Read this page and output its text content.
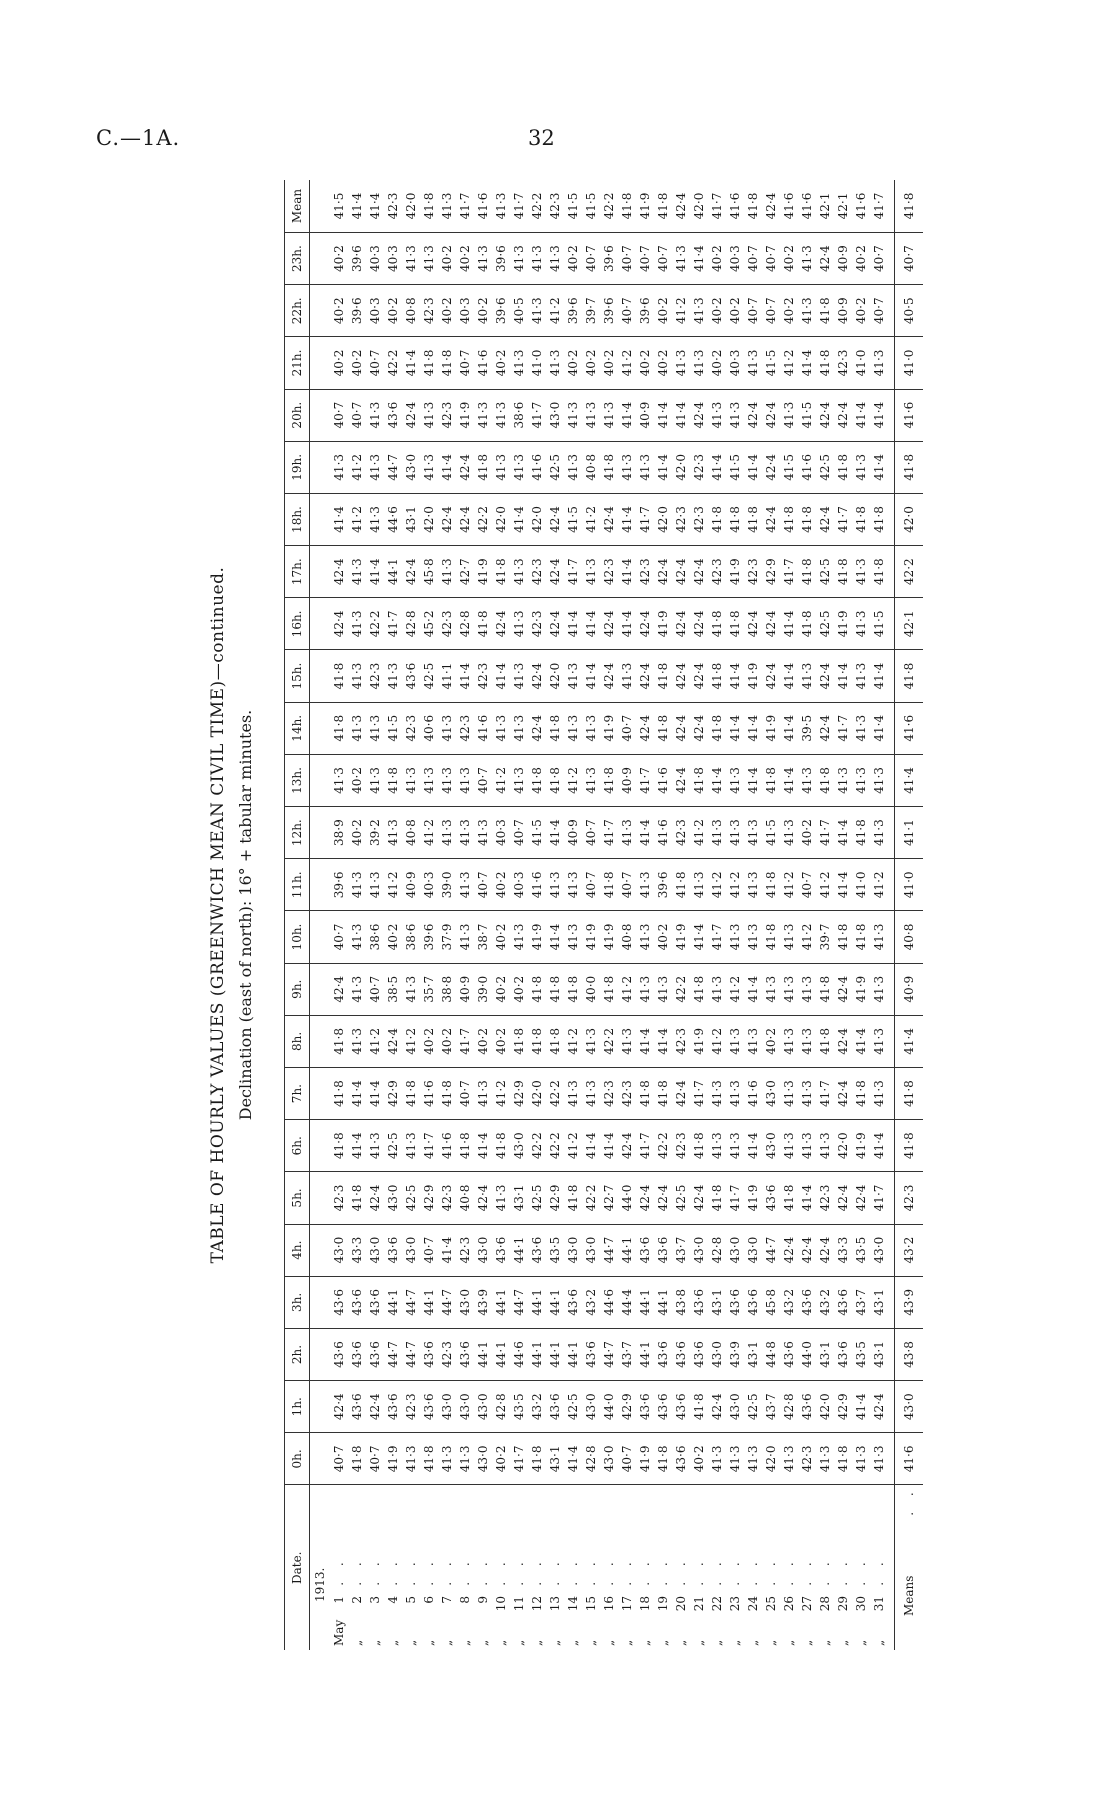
C.—1A.	32
TABLE OF HOURLY VALUES (GREENWICH MEAN CIVIL TIME)—continued. Declination (east of north): 16° + tabular minutes.
Date.	0h.	1h.	2h.	3h.	4h.	5h.	6h.	7h.	8h.	9h.	10h.	11h.	12h.	13h.	14h.	15h.	16h.	17h.	18h.	19h.	20h.	21h.	22h.	23h.	Mean
1913.																									
May1. .	40·7	42·4	43·6	43·6	43·0	42·3	41·8	41·8	41·8	42·4	40·7	39·6	38·9	41·3	41·8	41·8	42·4	42·4	41·4	41·3	40·7	40·2	40·2	40·2	41·5
„2. .	41·8	43·6	43·6	43·6	43·3	41·8	41·4	41·4	41·3	41·3	41·3	41·3	40·2	40·2	41·3	41·3	41·3	41·3	41·2	41·2	40·7	40·2	39·6	39·6	41·4
„3. .	40·7	42·4	43·6	43·6	43·0	42·4	41·3	41·4	41·2	40·7	38·6	41·3	39·2	41·3	41·3	42·3	42·2	41·4	41·3	41·3	41·3	40·7	40·3	40·3	41·4
„4. .	41·9	43·6	44·7	44·1	43·6	43·0	42·5	42·9	42·4	38·5	40·2	41·2	41·3	41·8	41·5	41·3	41·7	44·1	44·6	44·7	43·6	42·2	40·2	40·3	42·3
„5. .	41·3	42·3	44·7	44·7	43·0	42·5	41·3	41·8	41·2	41·3	38·6	40·9	40·8	41·3	42·3	43·6	42·8	42·4	43·1	43·0	42·4	41·4	40·8	41·3	42·0
„6. .	41·8	43·6	43·6	44·1	40·7	42·9	41·7	41·6	40·2	35·7	39·6	40·3	41·2	41·3	40·6	42·5	45·2	45·8	42·0	41·3	41·3	41·8	42·3	41·3	41·8
„7. .	41·3	43·0	42·3	44·7	41·4	42·3	41·6	41·8	40·2	38·8	37·9	39·0	41·3	41·3	41·3	41·1	42·3	41·3	42·4	41·4	42·3	41·8	40·2	40·2	41·3
„8. .	41·3	43·0	43·6	43·0	42·3	40·8	41·8	40·7	41·7	40·9	41·3	41·3	41·3	41·3	42·3	41·4	42·8	42·7	42·4	42·4	41·9	40·7	40·3	40·2	41·7
„9. .	43·0	43·0	44·1	43·9	43·0	42·4	41·4	41·3	40·2	39·0	38·7	40·7	41·3	40·7	41·6	42·3	41·8	41·9	42·2	41·8	41·3	41·6	40·2	41·3	41·6
„10. .	40·2	42·8	44·1	44·1	43·6	41·3	41·8	41·2	40·2	40·2	40·2	40·2	40·3	41·2	41·3	41·4	42·4	41·8	42·0	41·3	41·3	40·2	39·6	39·6	41·3
„11. .	41·7	43·5	44·6	44·7	44·1	43·1	43·0	42·9	41·8	40·2	41·3	40·3	40·7	41·3	41·3	41·3	41·3	41·3	41·4	41·3	38·6	41·3	40·5	41·3	41·7
„12. .	41·8	43·2	44·1	44·1	43·6	42·5	42·2	42·0	41·8	41·8	41·9	41·6	41·5	41·8	42·4	42·4	42·3	42·3	42·0	41·6	41·7	41·0	41·3	41·3	42·2
„13. .	43·1	43·6	44·1	44·1	43·5	42·9	42·2	42·2	41·8	41·8	41·4	41·3	41·4	41·8	41·8	42·0	42·4	42·4	42·4	42·5	43·0	41·3	41·2	41·3	42·3
„14. .	41·4	42·5	44·1	43·6	43·0	41·8	41·2	41·3	41·2	41·8	41·3	41·3	40·9	41·2	41·3	41·3	41·4	41·7	41·5	41·3	41·3	40·2	39·6	40·2	41·5
„15. .	42·8	43·0	43·6	43·2	43·0	42·2	41·4	41·3	41·3	40·0	41·9	40·7	40·7	41·3	41·3	41·4	41·4	41·3	41·2	40·8	41·3	40·2	39·7	40·7	41·5
„16. .	43·0	44·0	44·7	44·6	44·7	42·7	41·4	42·3	42·2	41·8	41·9	41·8	41·7	41·8	41·9	42·4	42·4	42·3	42·4	41·8	41·3	40·2	39·6	39·6	42·2
„17. .	40·7	42·9	43·7	44·4	44·1	44·0	42·4	42·3	41·3	41·2	40·8	40·7	41·3	40·9	40·7	41·3	41·4	41·4	41·4	41·3	41·4	41·2	40·7	40·7	41·8
„18. .	41·9	43·6	44·1	44·1	43·6	42·4	41·7	41·8	41·4	41·3	41·3	41·3	41·4	41·7	42·4	42·4	42·4	42·3	41·7	41·3	40·9	40·2	39·6	40·7	41·9
„19. .	41·8	43·6	43·6	44·1	43·6	42·4	42·2	41·8	41·4	41·3	40·2	39·6	41·6	41·6	41·8	41·8	41·9	42·4	42·0	41·4	41·4	40·2	40·2	40·7	41·8
„20. .	43·6	43·6	43·6	43·8	43·7	42·5	42·3	42·4	42·3	42·2	41·9	41·8	42·3	42·4	42·4	42·4	42·4	42·4	42·3	42·0	41·4	41·3	41·2	41·3	42·4
„21. .	40·2	41·8	43·6	43·6	43·0	42·4	41·8	41·7	41·9	41·8	41·4	41·3	41·2	41·8	42·4	42·4	42·4	42·4	42·3	42·3	42·4	41·3	41·3	41·4	42·0
„22. .	41·3	42·4	43·0	43·1	42·8	41·8	41·3	41·3	41·2	41·3	41·7	41·2	41·3	41·4	41·8	41·8	41·8	42·3	41·8	41·4	41·3	40·2	40·2	40·2	41·7
„23. .	41·3	43·0	43·9	43·6	43·0	41·7	41·3	41·3	41·3	41·2	41·3	41·2	41·3	41·3	41·4	41·4	41·8	41·9	41·8	41·5	41·3	40·3	40·2	40·3	41·6
„24. .	41·3	42·5	43·1	43·6	43·0	41·9	41·4	41·6	41·3	41·4	41·3	41·3	41·3	41·4	41·4	41·9	42·4	42·3	41·8	41·4	42·4	41·3	40·7	40·7	41·8
„25. .	42·0	43·7	44·8	45·8	44·7	43·6	43·0	43·0	40·2	41·3	41·8	41·8	41·5	41·8	41·9	42·4	42·4	42·9	42·4	42·4	42·4	41·5	40·7	40·7	42·4
„26. .	41·3	42·8	43·6	43·2	42·4	41·8	41·3	41·3	41·3	41·3	41·3	41·2	41·3	41·4	41·4	41·4	41·4	41·7	41·8	41·5	41·3	41·2	40·2	40·2	41·6
„27. .	42·3	43·6	44·0	43·6	42·4	41·4	41·3	41·3	41·3	41·3	41·2	40·7	40·2	41·3	39·5	41·3	41·8	41·8	41·8	41·6	41·5	41·4	41·3	41·3	41·6
„28. .	41·3	42·0	43·1	43·2	42·4	42·3	41·3	41·7	41·8	41·8	39·7	41·2	41·7	41·8	42·4	42·4	42·5	42·5	42·4	42·5	42·4	41·8	41·8	42·4	42·1
„29. .	41·8	42·9	43·6	43·6	43·3	42·4	42·0	42·4	42·4	42·4	41·8	41·4	41·4	41·3	41·7	41·4	41·9	41·8	41·7	41·8	42·4	42·3	40·9	40·9	42·1
„30. .	41·3	41·4	43·5	43·7	43·5	42·4	41·9	41·8	41·4	41·9	41·8	41·0	41·8	41·3	41·3	41·3	41·3	41·3	41·8	41·3	41·4	41·0	40·2	40·2	41·6
„31. .	41·3	42·4	43·1	43·1	43·0	41·7	41·4	41·3	41·3	41·3	41·3	41·2	41·3	41·3	41·4	41·4	41·5	41·8	41·8	41·4	41·4	41·3	40·7	40·7	41·7
Means. .	41·6	43·0	43·8	43·9	43·2	42·3	41·8	41·8	41·4	40·9	40·8	41·0	41·1	41·4	41·6	41·8	42·1	42·2	42·0	41·8	41·6	41·0	40·5	40·7	41·8
